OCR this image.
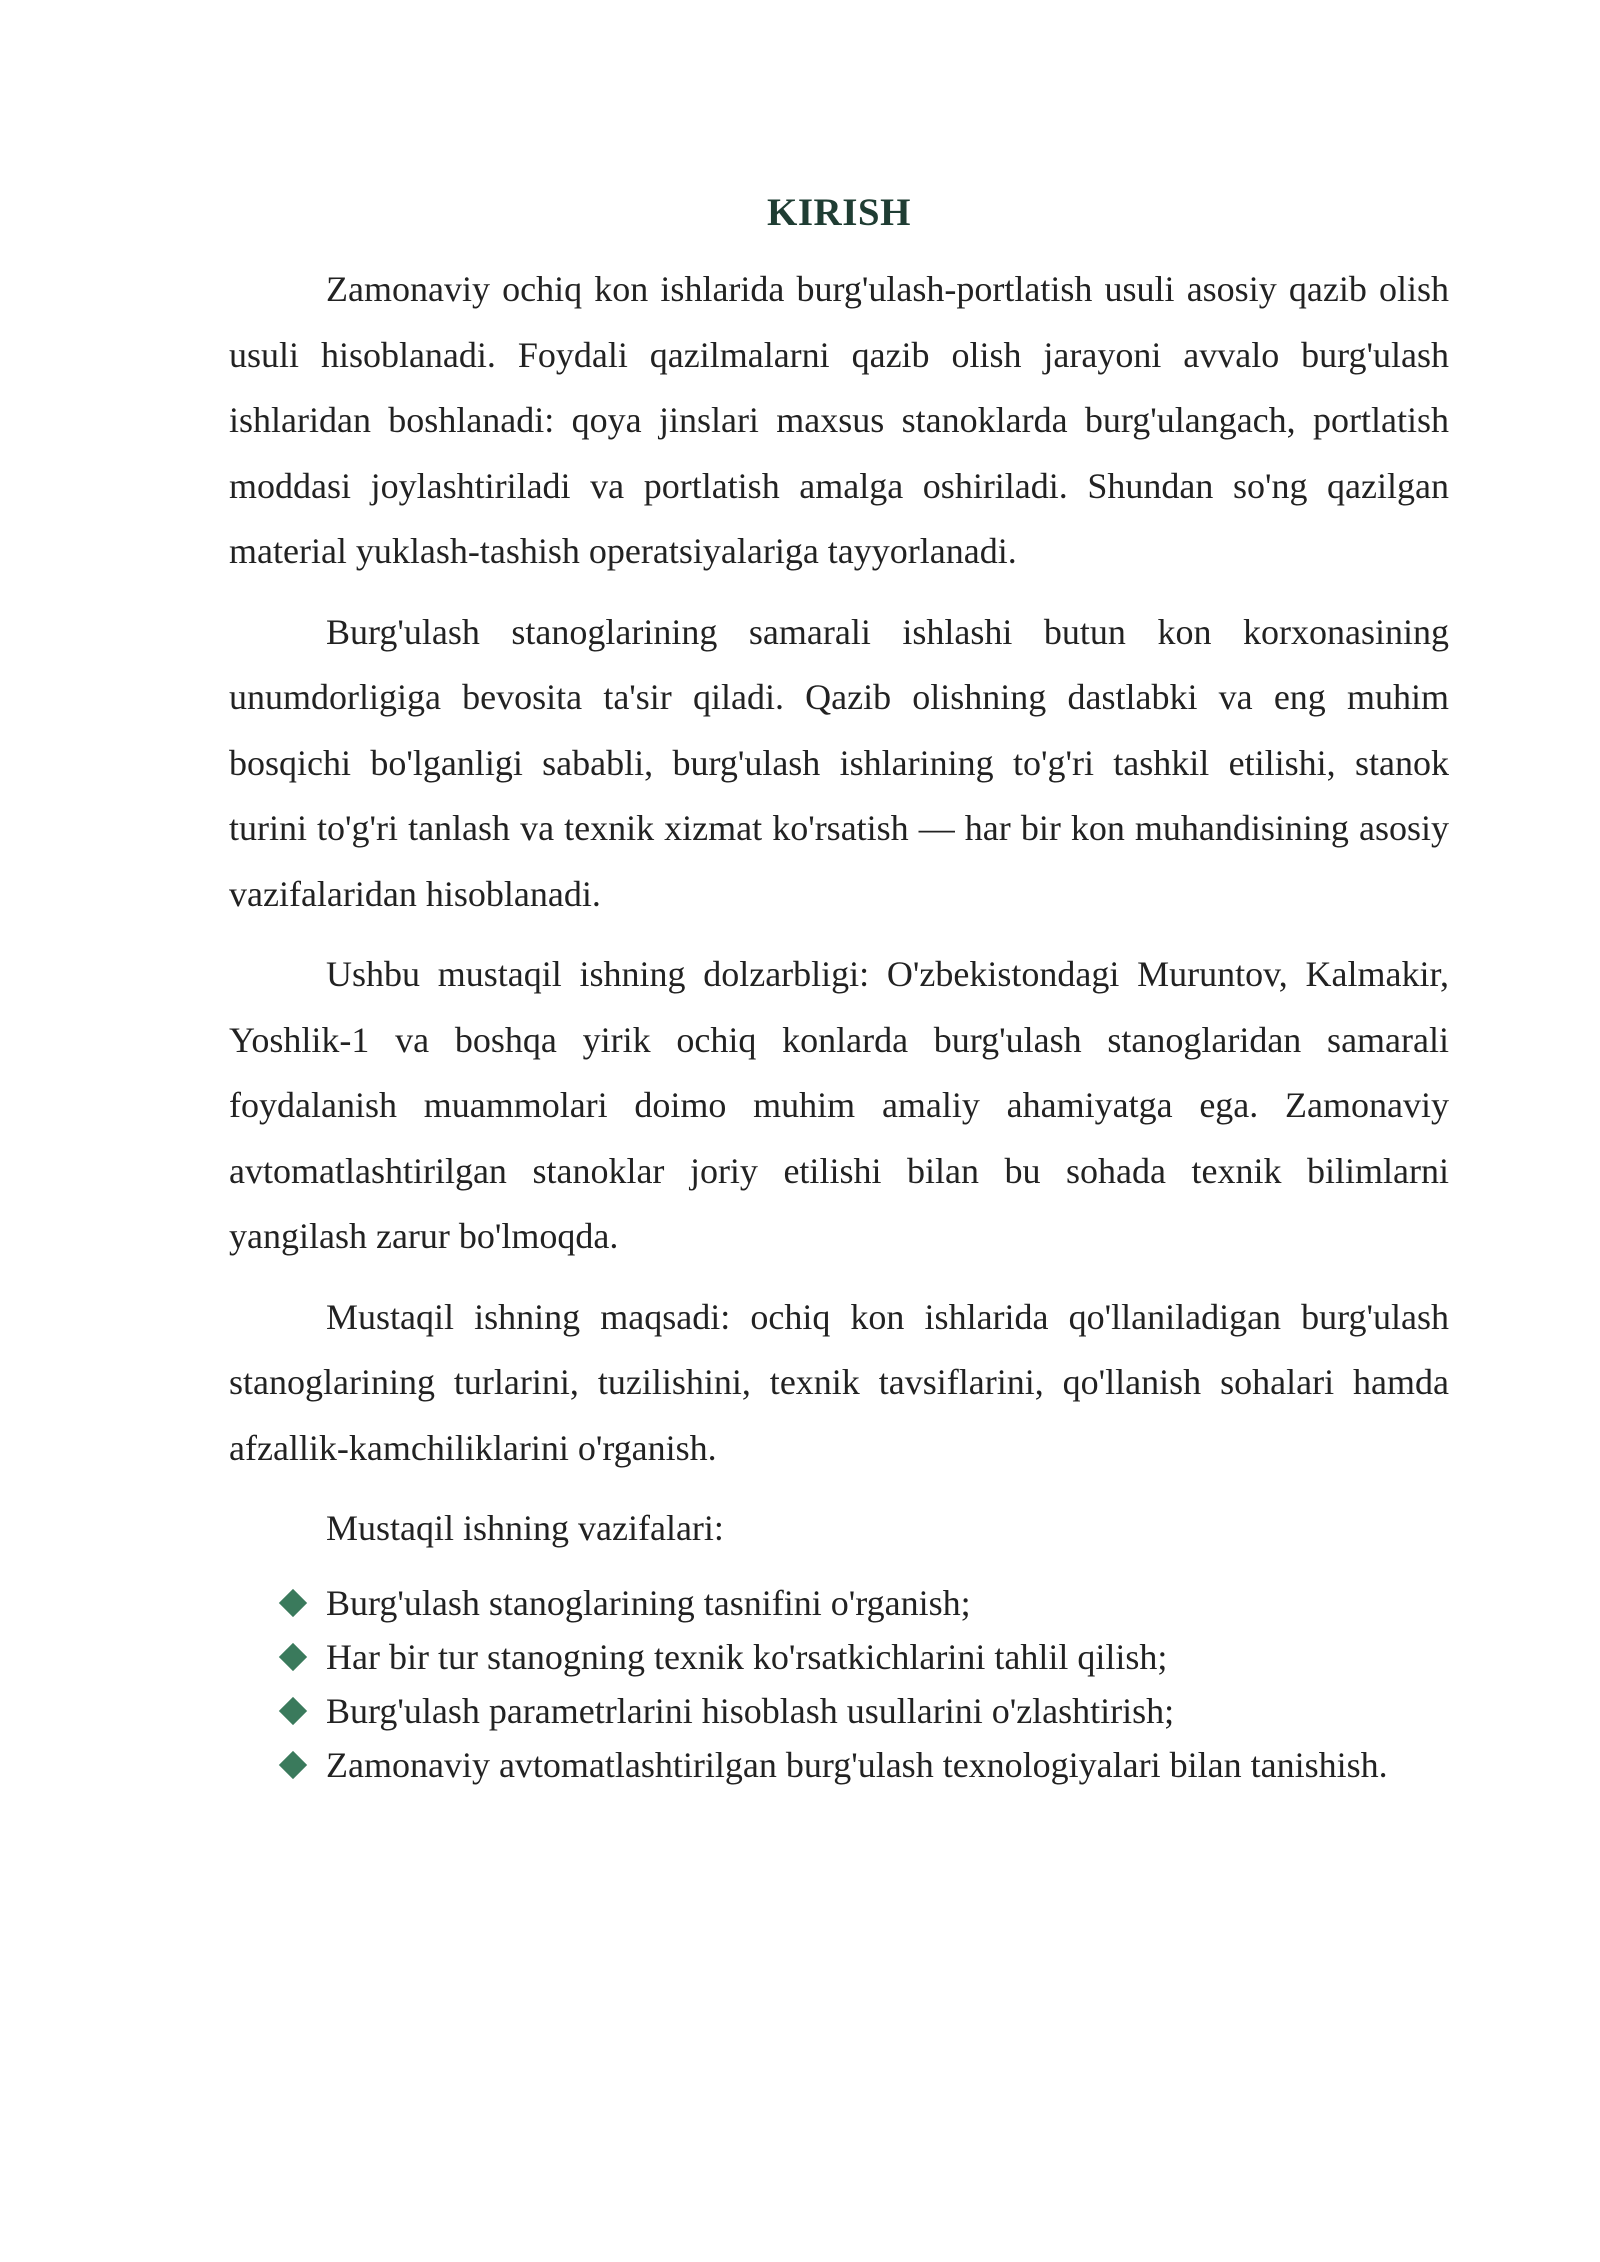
KIRISH

Zamonaviy ochiq kon ishlarida burg'ulash-portlatish usuli asosiy qazib olish usuli hisoblanadi. Foydali qazilmalarni qazib olish jarayoni avvalo burg'ulash ishlaridan boshlanadi: qoya jinslari maxsus stanoklarda burg'ulangach, portlatish moddasi joylashtiriladi va portlatish amalga oshiriladi. Shundan so'ng qazilgan material yuklash-tashish operatsiyalariga tayyorlanadi.

Burg'ulash stanoglarining samarali ishlashi butun kon korxonasining unumdorligiga bevosita ta'sir qiladi. Qazib olishning dastlabki va eng muhim bosqichi bo'lganligi sababli, burg'ulash ishlarining to'g'ri tashkil etilishi, stanok turini to'g'ri tanlash va texnik xizmat ko'rsatish — har bir kon muhandisining asosiy vazifalaridan hisoblanadi.

Ushbu mustaqil ishning dolzarbligi: O'zbekistondagi Muruntov, Kalmakir, Yoshlik-1 va boshqa yirik ochiq konlarda burg'ulash stanoglaridan samarali foydalanish muammolari doimo muhim amaliy ahamiyatga ega. Zamonaviy avtomatlashtirilgan stanoklar joriy etilishi bilan bu sohada texnik bilimlarni yangilash zarur bo'lmoqda.

Mustaqil ishning maqsadi: ochiq kon ishlarida qo'llaniladigan burg'ulash stanoglarining turlarini, tuzilishini, texnik tavsiflarini, qo'llanish sohalari hamda afzallik-kamchiliklarini o'rganish.

Mustaqil ishning vazifalari:

Burg'ulash stanoglarining tasnifini o'rganish;
Har bir tur stanogning texnik ko'rsatkichlarini tahlil qilish;
Burg'ulash parametrlarini hisoblash usullarini o'zlashtirish;
Zamonaviy avtomatlashtirilgan burg'ulash texnologiyalari bilan tanishish.
